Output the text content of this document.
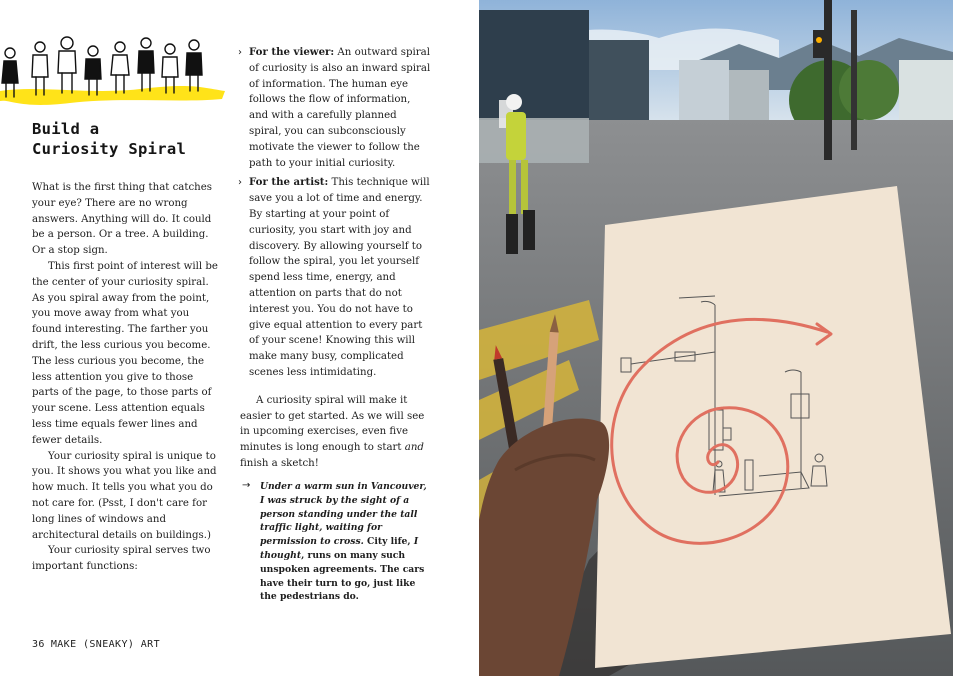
Build a
Curiosity Spiral

What is the first thing that catches your eye? There are no wrong answers. Anything will do. It could be a person. Or a tree. A building. Or a stop sign.

This first point of interest will be the center of your curiosity spiral. As you spiral away from the point, you move away from what you found interesting. The farther you drift, the less curious you become. The less curious you become, the less attention you give to those parts of the page, to those parts of your scene. Less attention equals less time equals fewer lines and fewer details.

Your curiosity spiral is unique to you. It shows you what you like and how much. It tells you what you do not care for. (Psst, I don't care for long lines of windows and architectural details on buildings.)

Your curiosity spiral serves two important functions:

› For the viewer: An outward spiral of curiosity is also an inward spiral of information. The human eye follows the flow of information, and with a carefully planned spiral, you can subconsciously motivate the viewer to follow the path to your initial curiosity.

› For the artist: This technique will save you a lot of time and energy. By starting at your point of curiosity, you start with joy and discovery. By allowing yourself to follow the spiral, you let yourself spend less time, energy, and attention on parts that do not interest you. You do not have to give equal attention to every part of your scene! Knowing this will make many busy, complicated scenes less intimidating.

A curiosity spiral will make it easier to get started. As we will see in upcoming exercises, even five minutes is long enough to start and finish a sketch!

→	Under a warm sun in Vancouver, I was struck by the sight of a person standing under the tall traffic light, waiting for permission to cross. City life, I thought, runs on many such unspoken agreements. The cars have their turn to go, just like the pedestrians do.

36 MAKE (SNEAKY) ART
